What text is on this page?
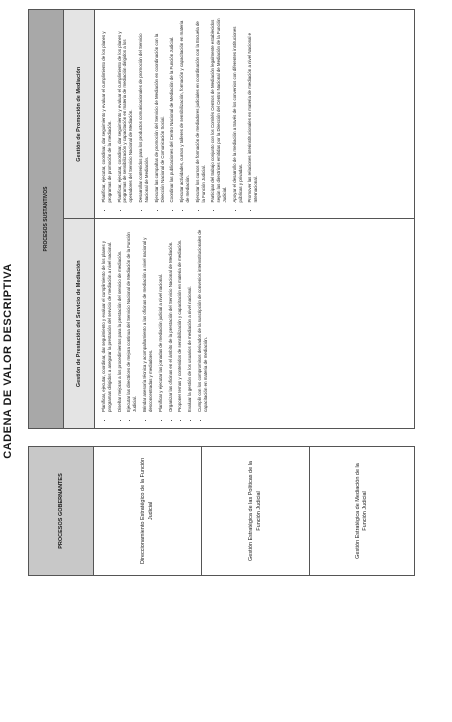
CADENA DE VALOR DESCRIPTIVA
PROCESOS GOBERNANTES	Direccionamiento Estratégico de la Función Judicial	Gestión Estratégica de las Políticas de la Función Judicial	Gestión Estratégica de Mediación de la Función Judicial
PROCESOS SUSTANTIVOS
Gestión de Prestación del Servicio de Mediación
Gestión de Promoción de Mediación
• Planificar, ejecutar, coordinar, dar seguimiento y evaluar el cumplimiento de los planes y programas dirigidos a asegurar la prestación del servicio de mediación a nivel nacional. • Diseñar mejoras a los procedimientos para la prestación del servicio de mediación. • Ejecutar las directrices de mejora continua del Servicio Nacional de Mediación de la Función Judicial. • Brindar asesoría técnica y acompañamiento a las oficinas de mediación a nivel nacional y desconcentradas y mediadores. • Planificar y ejecutar las jornadas de mediación judicial a nivel nacional. • Organizar las oficinas en el ámbito de la prestación del Servicio Nacional de Mediación. • Proponer temas y contenidos de sensibilización y capacitación en materia de mediación. • Evaluar la gestión de los usuarios de mediación a nivel nacional. • Cumplir con los compromisos derivados de la suscripción de convenios interinstitucionales de capacitación en materia de mediación.
• Planificar, ejecutar, coordinar, dar seguimiento y evaluar el cumplimiento de los planes y programas de promoción de la mediación. • Planificar, ejecutar, coordinar, dar seguimiento y evaluar el cumplimiento de los planes y programas de sensibilización y capacitación en materia de mediación dirigidos a los operadores del Servicio Nacional de Mediación. • Desarrollar contenidos para los productos comunicacionales de promoción del Servicio Nacional de Mediación. • Ejecutar las campañas de promoción del Servicio de Mediación en coordinación con la Dirección Nacional de Comunicación Social. • Coordinar las publicaciones del Centro Nacional de Mediación de la Función Judicial. • Ejecutar actividades, cursos y talleres de sensibilización, formación y capacitación en materia de mediación. • Ejecutar los cursos de formación de mediadores judiciales en coordinación con la Escuela de la Función Judicial. • Participar del trabajo conjunto con los Comités Centros de Mediación legalmente establecidos según las directrices emitidas por la Dirección del Centro Nacional de Mediación de la Función Judicial. • Apoyar el desarrollo de la mediación a través de los convenios con diferentes instituciones públicas y privadas. • Promover las relaciones interinstitucionales en materia de mediación a nivel Nacional e Internacional.
